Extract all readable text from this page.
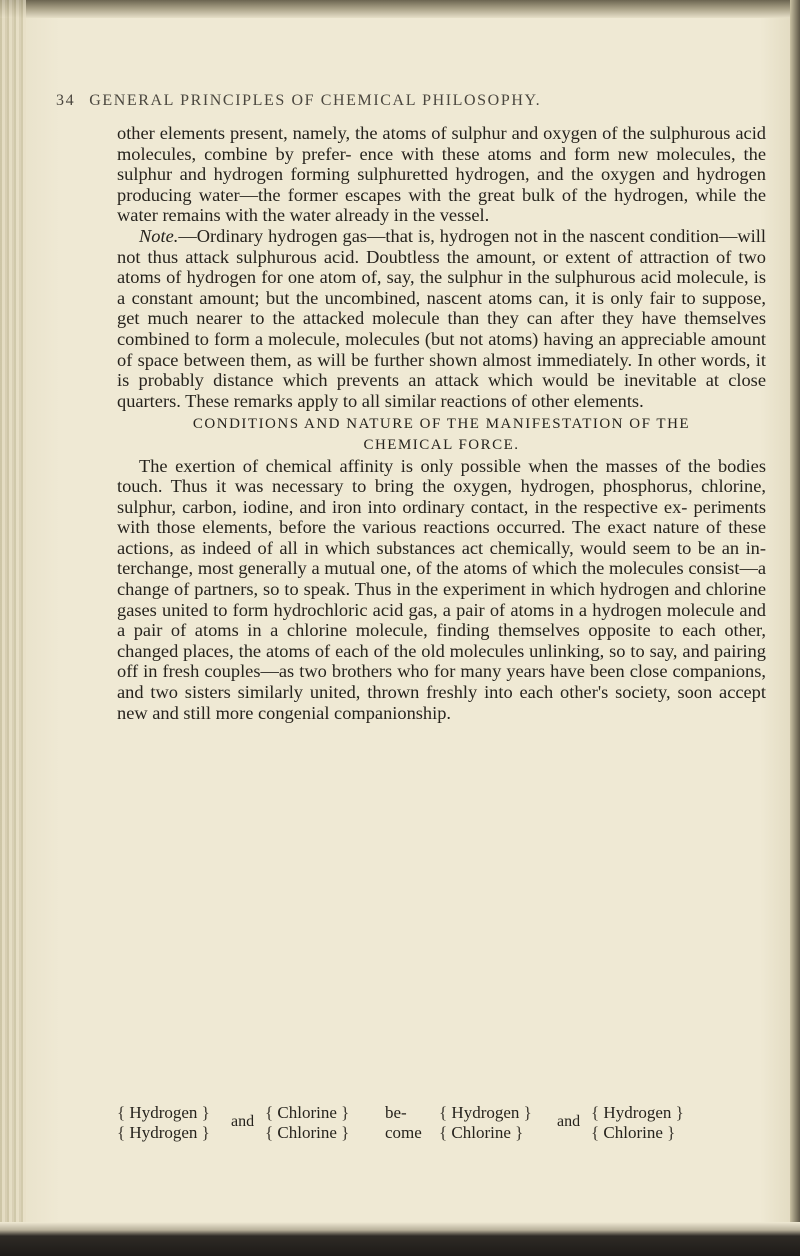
34 GENERAL PRINCIPLES OF CHEMICAL PHILOSOPHY.

other elements present, namely, the atoms of sulphur and oxygen of the sulphurous acid molecules, combine by prefer- ence with these atoms and form new molecules, the sulphur and hydrogen forming sulphuretted hydrogen, and the oxygen and hydrogen producing water—the former escapes with the great bulk of the hydrogen, while the water remains with the water already in the vessel.

Note.—Ordinary hydrogen gas—that is, hydrogen not in the nascent condition—will not thus attack sulphurous acid. Doubtless the amount, or extent of attraction of two atoms of hydrogen for one atom of, say, the sulphur in the sulphurous acid molecule, is a constant amount; but the uncombined, nascent atoms can, it is only fair to suppose, get much nearer to the attacked molecule than they can after they have themselves combined to form a molecule, molecules (but not atoms) having an appreciable amount of space between them, as will be further shown almost immediately. In other words, it is probably distance which prevents an attack which would be inevitable at close quarters. These remarks apply to all similar reactions of other elements.

CONDITIONS AND NATURE OF THE MANIFESTATION OF THE

CHEMICAL FORCE.

The exertion of chemical affinity is only possible when the masses of the bodies touch. Thus it was necessary to bring the oxygen, hydrogen, phosphorus, chlorine, sulphur, carbon, iodine, and iron into ordinary contact, in the respective ex- periments with those elements, before the various reactions occurred. The exact nature of these actions, as indeed of all in which substances act chemically, would seem to be an in- terchange, most generally a mutual one, of the atoms of which the molecules consist—a change of partners, so to speak. Thus in the experiment in which hydrogen and chlorine gases united to form hydrochloric acid gas, a pair of atoms in a hydrogen molecule and a pair of atoms in a chlorine molecule, finding themselves opposite to each other, changed places, the atoms of each of the old molecules unlinking, so to say, and pairing off in fresh couples—as two brothers who for many years have been close companions, and two sisters similarly united, thrown freshly into each other's society, soon accept new and still more congenial companionship.

{ Hydrogen }
{ Hydrogen }
and { Chlorine }
{ Chlorine }
be-
come
{ Hydrogen }
{ Chlorine }
and { Hydrogen }
{ Chlorine }
